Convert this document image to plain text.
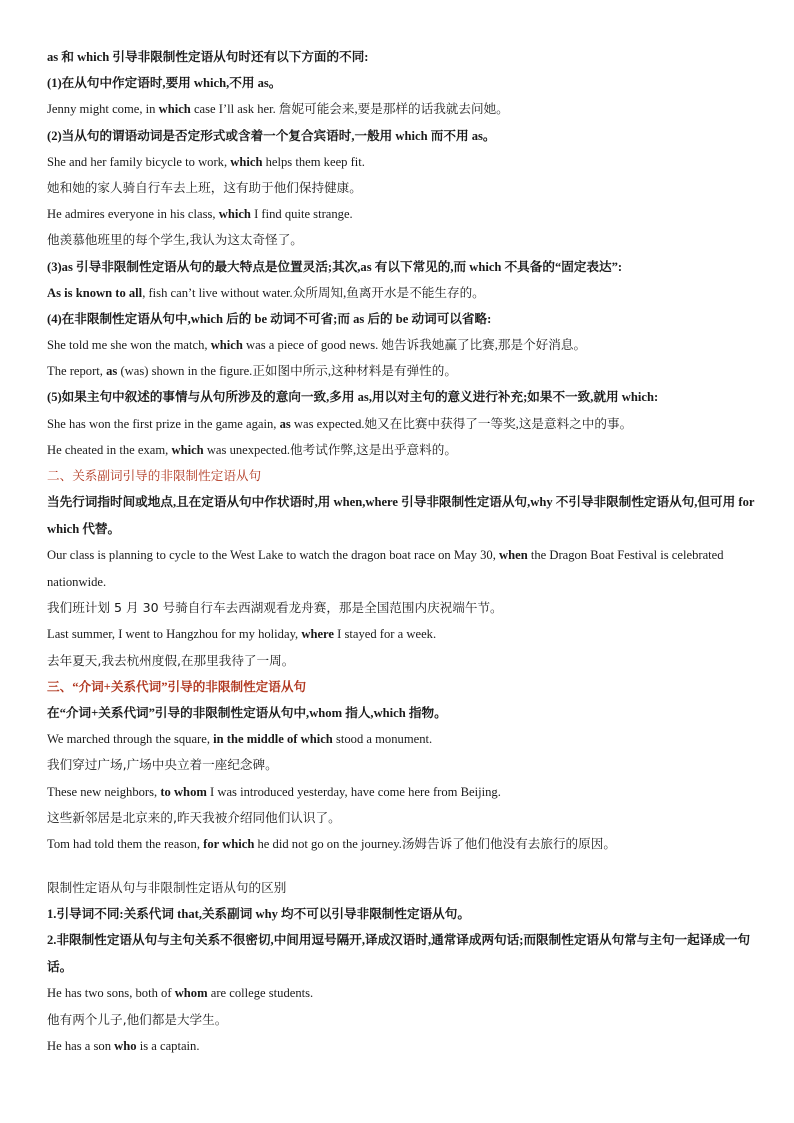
as 和 which 引导非限制性定语从句时还有以下方面的不同:
(1)在从句中作定语时,要用 which,不用 as。
Jenny might come, in which case I’ll ask her. 詹妮可能会来,要是那样的话我就去问她。
(2)当从句的谓语动词是否定形式或含着一个复合宾语时,一般用 which 而不用 as。
She and her family bicycle to work, which helps them keep fit.
她和她的家人骑自行车去上班，这有助于他们保持健康。
He admires everyone in his class, which I find quite strange.
他羡慕他班里的每个学生,我认为这太奇怪了。
(3)as 引导非限制性定语从句的最大特点是位置灵活;其次,as 有以下常见的,而 which 不具备的“固定表达”:
As is known to all, fish can’t live without water.众所周知,鱼离开水是不能生存的。
(4)在非限制性定语从句中,which 后的 be 动词不可省;而 as 后的 be 动词可以省略:
She told me she won the match, which was a piece of good news. 她告诉我她赢了比赛,那是个好消息。
The report, as (was) shown in the figure.正如图中所示,这种材料是有弹性的。
(5)如果主句中叙述的事情与从句所涉及的意向一致,多用 as,用以对主句的意义进行补充;如果不一致,就用 which:
She has won the first prize in the game again, as was expected.她又在比赛中获得了一等奖,这是意料之中的事。
He cheated in the exam, which was unexpected.他考试作弊,这是出乎意料的。
二、关系副词引导的非限制性定语从句
当先行词指时间或地点,且在定语从句中作状语时,用 when,where 引导非限制性定语从句,why 不引导非限制性定语从句,但可用 for which 代替。
Our class is planning to cycle to the West Lake to watch the dragon boat race on May 30, when the Dragon Boat Festival is celebrated nationwide.
我们班计划 5 月 30 号骑自行车去西湖观看龙舟赛，那是全国范围内庆祝端午节。
Last summer, I went to Hangzhou for my holiday, where I stayed for a week.
去年夏天,我去杭州度假,在那里我待了一周。
三、“介词+关系代词”引导的非限制性定语从句
在“介词+关系代词”引导的非限制性定语从句中,whom 指人,which 指物。
We marched through the square, in the middle of which stood a monument.
我们穿过广场,广场中央立着一座纪念碑。
These new neighbors, to whom I was introduced yesterday, have come here from Beijing.
这些新邻居是北京来的,昨天我被介绍同他们认识了。
Tom had told them the reason, for which he did not go on the journey.汤姆告诉了他们他没有去旅行的原因。
限制性定语从句与非限制性定语从句的区别
1.引导词不同:关系代词 that,关系副词 why 均不可以引导非限制性定语从句。
2.非限制性定语从句与主句关系不很密切,中间用逗号隔开,译成汉语时,通常译成两句话;而限制性定语从句常与主句一起译成一句话。
He has two sons, both of whom are college students.
他有两个儿子,他们都是大学生。
He has a son who is a captain.
